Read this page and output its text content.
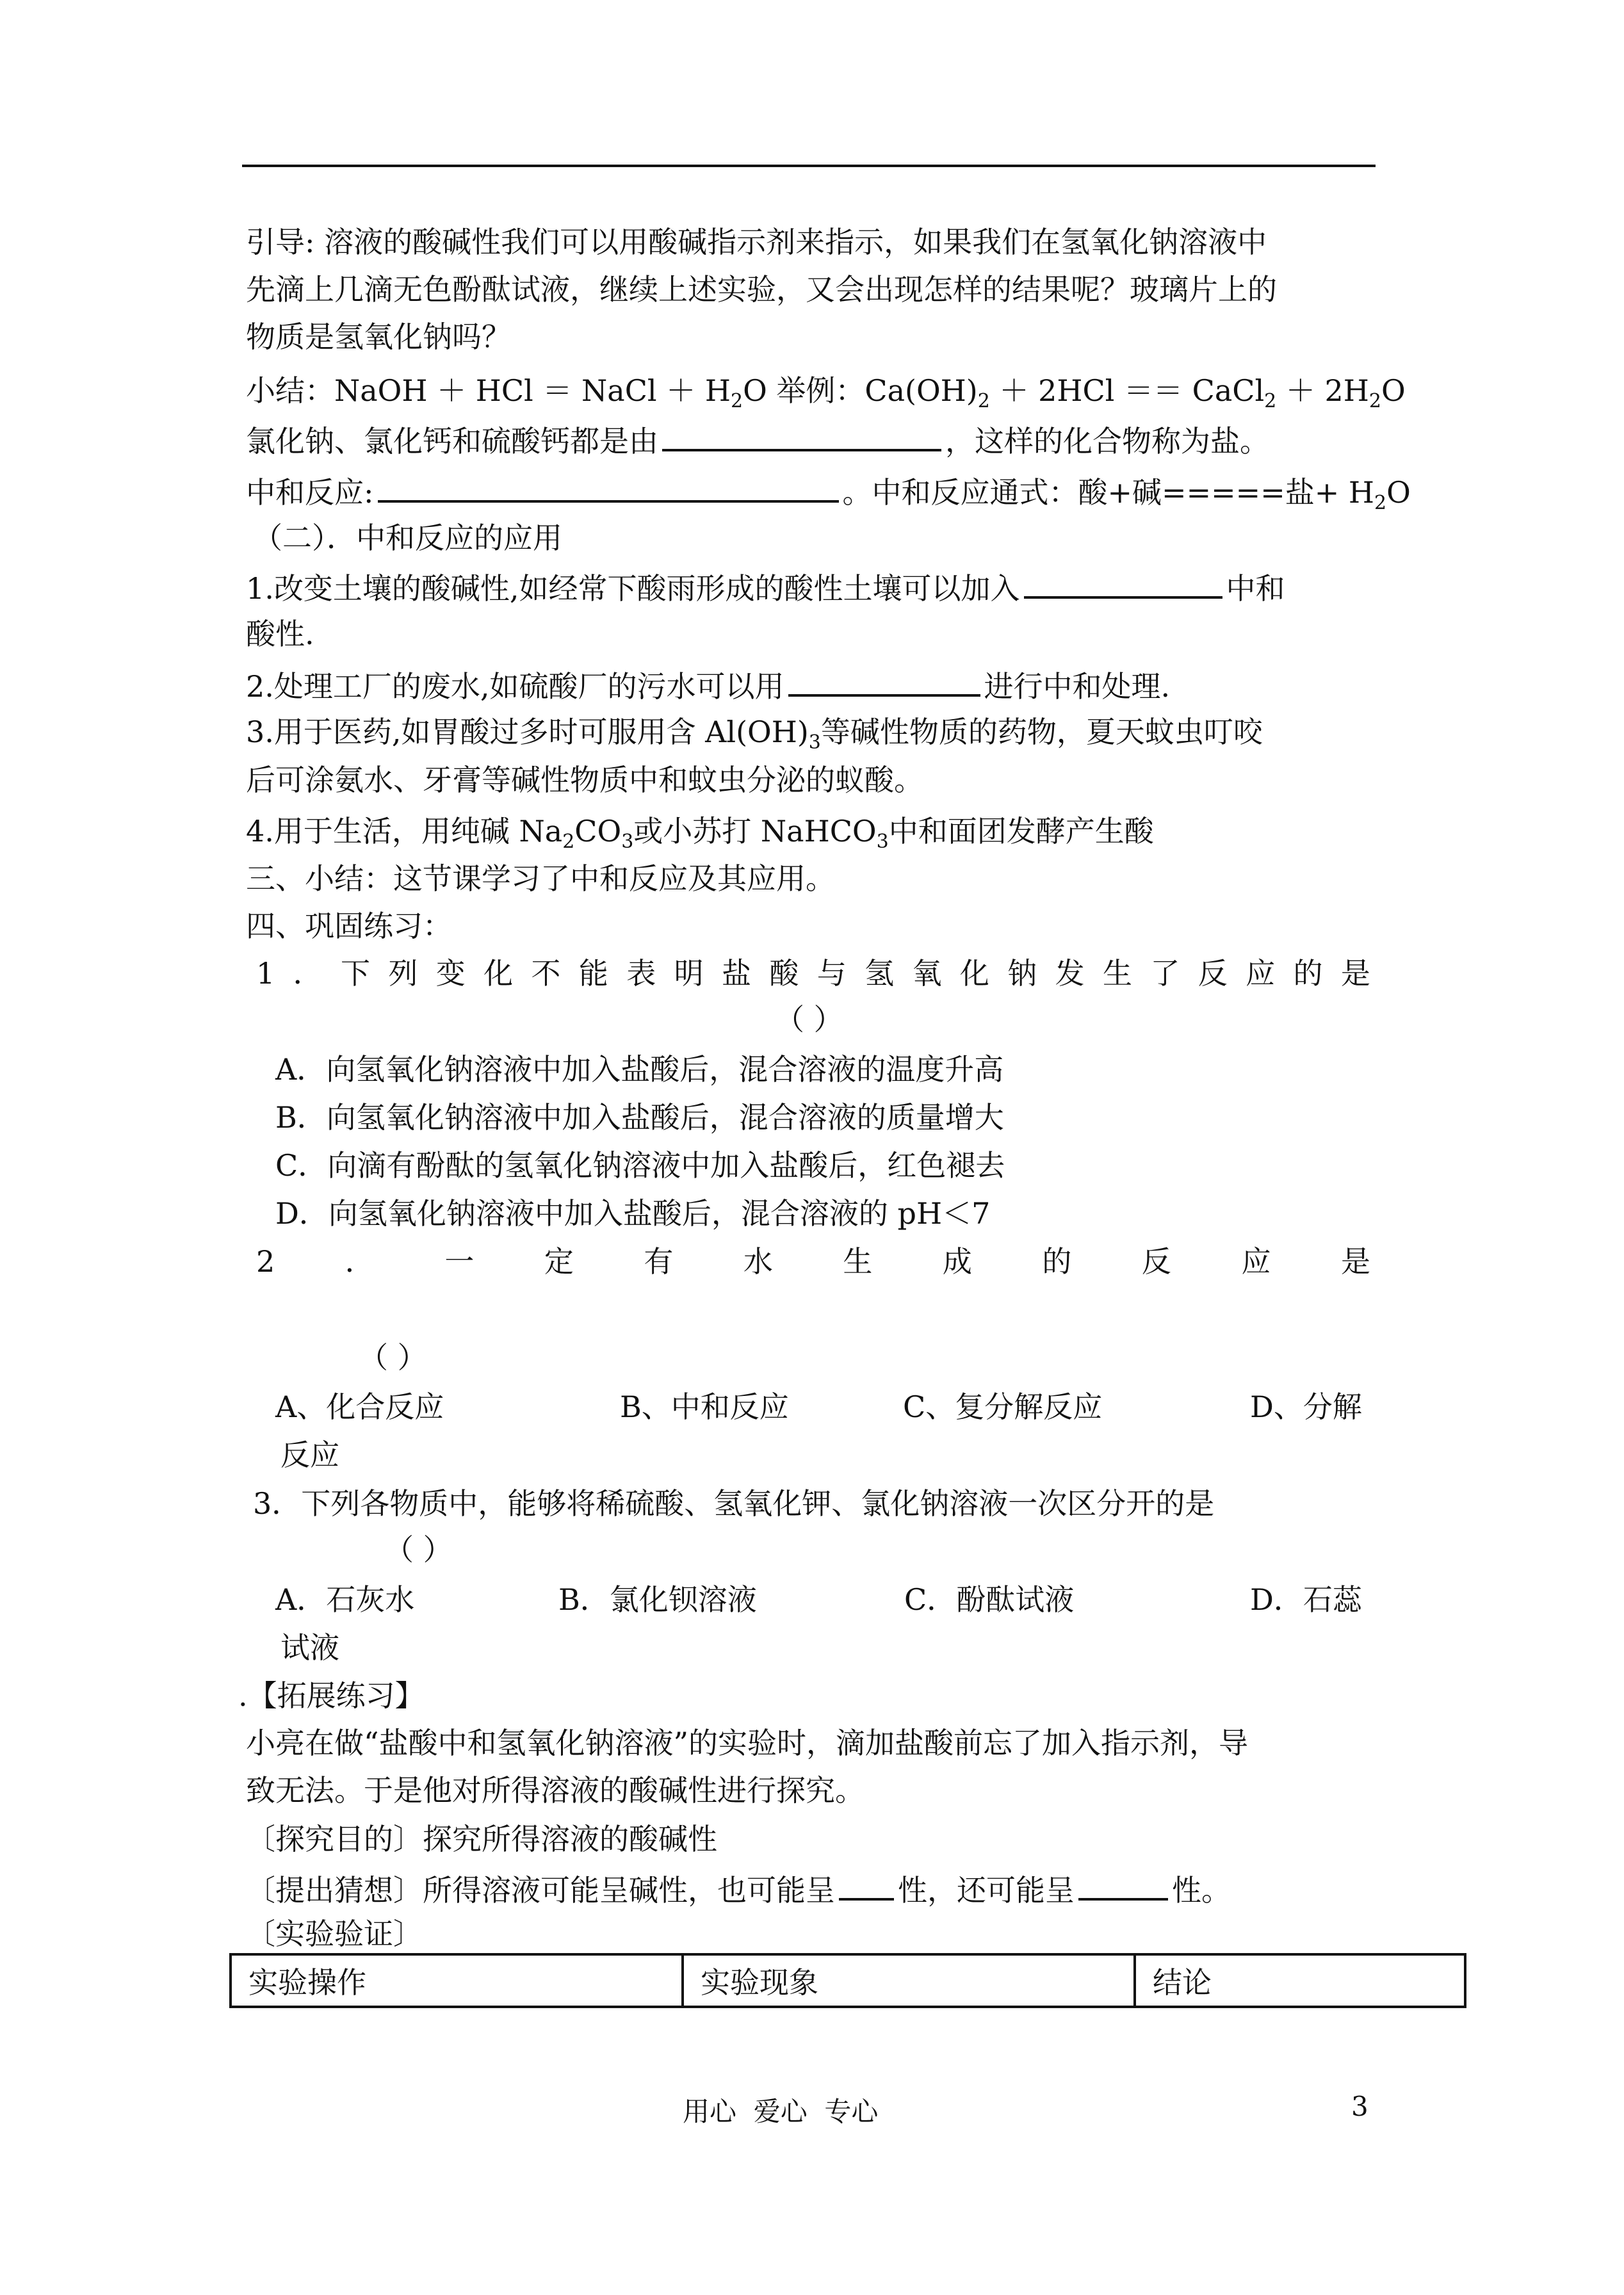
引导: 溶液的酸碱性我们可以用酸碱指示剂来指示，如果我们在氢氧化钠溶液中
先滴上几滴无色酚酞试液，继续上述实验，又会出现怎样的结果呢？玻璃片上的
物质是氢氧化钠吗？
小结：NaOH ＋ HCl ＝ NaCl ＋ $H_2O$ 举例：$Ca(OH)_2 + 2HCl$ ＝＝ CaCl$_2$ ＋ $2H_2O$
氯化钠、氯化钙和硫酸钙都是由	，这样的化合物称为盐。
中和反应:	。中和反应通式：酸+碱=====盐+ $H_2O$
（二）．中和反应的应用
1.改变土壤的酸碱性,如经常下酸雨形成的酸性土壤可以加入	中和
酸性.
2.处理工厂的废水,如硫酸厂的污水可以用	进行中和处理.
3.用于医药,如胃酸过多时可服用含 $Al(OH)_3$等碱性物质的药物，夏天蚊虫叮咬
后可涂氨水、牙膏等碱性物质中和蚊虫分泌的蚁酸。
4.用于生活，用纯碱 $Na_2CO_3$或小苏打 NaHCO$_3$中和面团发酵产生酸
三、小结：这节课学习了中和反应及其应用。
四、巩固练习：
1 ． 下 列 变 化 不 能 表 明 盐 酸 与 氢 氧 化 钠 发 生 了 反 应 的 是
（ ）
A．向氢氧化钠溶液中加入盐酸后，混合溶液的温度升高
B．向氢氧化钠溶液中加入盐酸后，混合溶液的质量增大
C．向滴有酚酞的氢氧化钠溶液中加入盐酸后，红色褪去
D．向氢氧化钠溶液中加入盐酸后，混合溶液的 pH＜7
2 ． 一 定 有 水 生 成 的 反 应 是
（ ）
A、化合反应	B、中和反应	C、复分解反应	D、分解
反应
3．下列各物质中，能够将稀硫酸、氢氧化钾、氯化钠溶液一次区分开的是
（ ）
A．石灰水	B．氯化钡溶液	C．酚酞试液	D．石蕊
试液
.【拓展练习】
小亮在做“盐酸中和氢氧化钠溶液”的实验时，滴加盐酸前忘了加入指示剂，导
致无法。于是他对所得溶液的酸碱性进行探究。
〔探究目的〕探究所得溶液的酸碱性
〔提出猜想〕所得溶液可能呈碱性，也可能呈 性，还可能呈	性。
〔实验验证〕
实验操作	实验现象	结论
用心  爱心  专心	3
